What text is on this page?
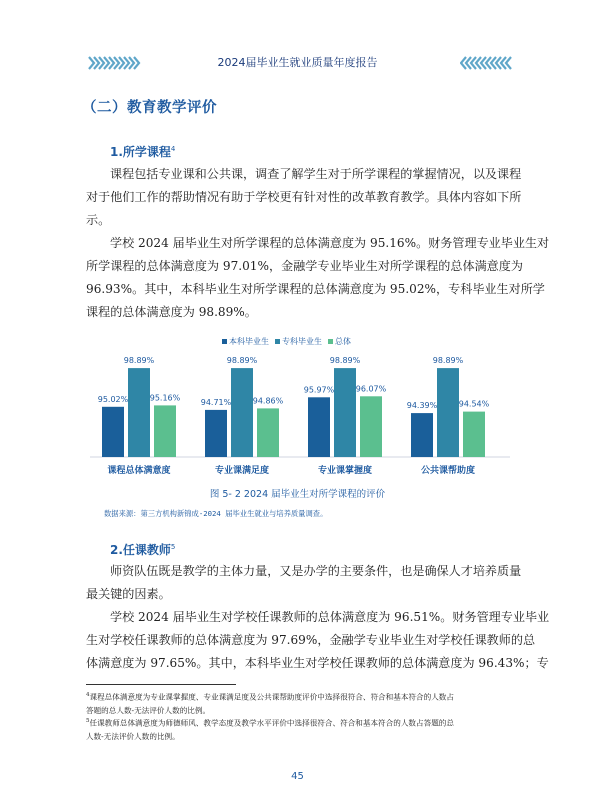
2024届毕业生就业质量年度报告
（二）教育教学评价
1.所学课程$^4$
课程包括专业课和公共课，调查了解学生对于所学课程的掌握情况，以及课程
对于他们工作的帮助情况有助于学校更有针对性的改革教育教学。具体内容如下所
示。
学校 2024 届毕业生对所学课程的总体满意度为 95.16%。财务管理专业毕业生对
所学课程的总体满意度为 97.01%，金融学专业毕业生对所学课程的总体满意度为
96.93%。其中，本科毕业生对所学课程的总体满意度为 95.02%，专科毕业生对所学
课程的总体满意度为 98.89%。
本科毕业生 专科毕业生 总体
95.02%
98.89%
95.16%
课程总体满意度
94.71%
98.89%
94.86%
专业课满足度
95.97%
98.89%
96.07%
专业课掌握度
94.39%
98.89%
94.54%
公共课帮助度
图 5- 2 2024 届毕业生对所学课程的评价
数据来源：第三方机构新锦成-2024 届毕业生就业与培养质量调查。
2.任课教师$^5$
师资队伍既是教学的主体力量，又是办学的主要条件，也是确保人才培养质量
最关键的因素。
学校 2024 届毕业生对学校任课教师的总体满意度为 96.51%。财务管理专业毕业
生对学校任课教师的总体满意度为 97.69%，金融学专业毕业生对学校任课教师的总
体满意度为 97.65%。其中，本科毕业生对学校任课教师的总体满意度为 96.43%；专
$^4$课程总体满意度为专业课掌握度、专业课满足度及公共课帮助度评价中选择很符合、符合和基本符合的人数占
答题的总人数-无法评价人数的比例。
$^5$任课教师总体满意度为师德师风、教学态度及教学水平评价中选择很符合、符合和基本符合的人数占答题的总
人数-无法评价人数的比例。
45
